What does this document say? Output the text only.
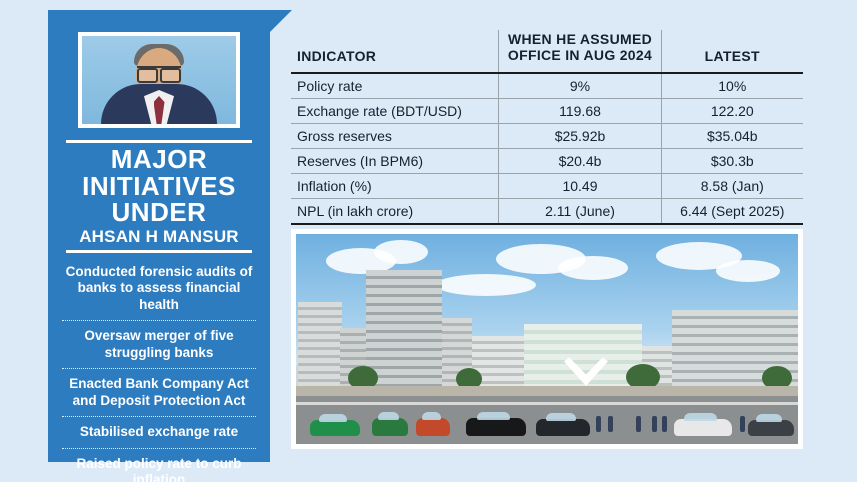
MAJOR
INITIATIVES
UNDER
AHSAN H MANSUR
Conducted forensic audits of banks to assess financial health
Oversaw merger of five struggling banks
Enacted Bank Company Act and Deposit Protection Act
Stabilised exchange rate
Raised policy rate to curb inflation
INDICATOR	WHEN HE ASSUMED OFFICE IN AUG 2024	LATEST
Policy rate	9%	10%
Exchange rate (BDT/USD)	119.68	122.20
Gross reserves	$25.92b	$35.04b
Reserves (In BPM6)	$20.4b	$30.3b
Inflation (%)	10.49	8.58 (Jan)
NPL (in lakh crore)	2.11 (June)	6.44 (Sept 2025)
